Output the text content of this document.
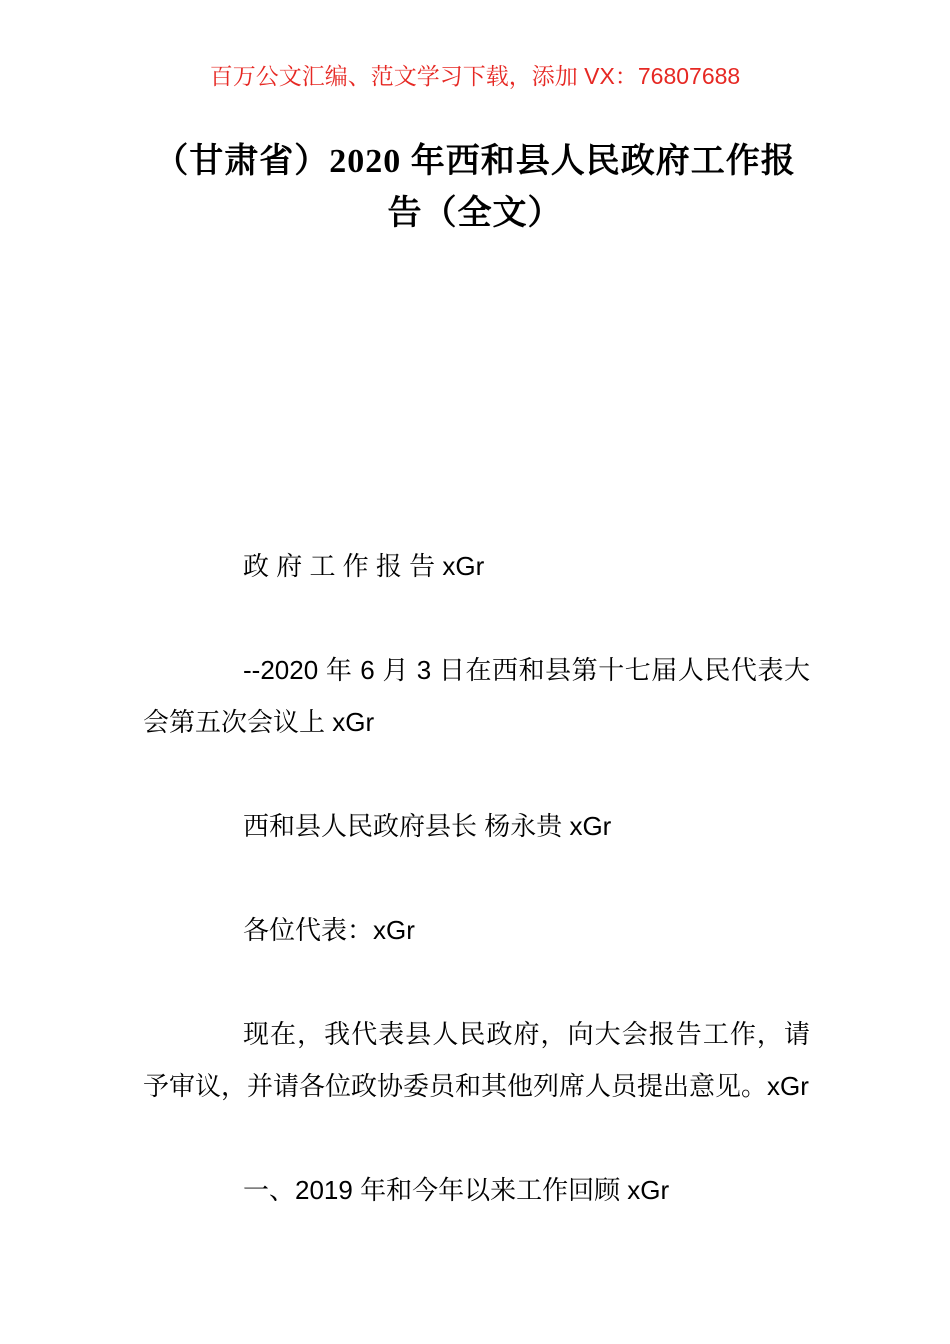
百万公文汇编、范文学习下载，添加 VX：76807688
（甘肃省）2020 年西和县人民政府工作报告（全文）

政 府 工 作 报 告 xGr

--2020 年 6 月 3 日在西和县第十七届人民代表大会第五次会议上 xGr

西和县人民政府县长 杨永贵 xGr

各位代表：xGr

现在，我代表县人民政府，向大会报告工作，请予审议，并请各位政协委员和其他列席人员提出意见。xGr

一、2019 年和今年以来工作回顾 xGr
